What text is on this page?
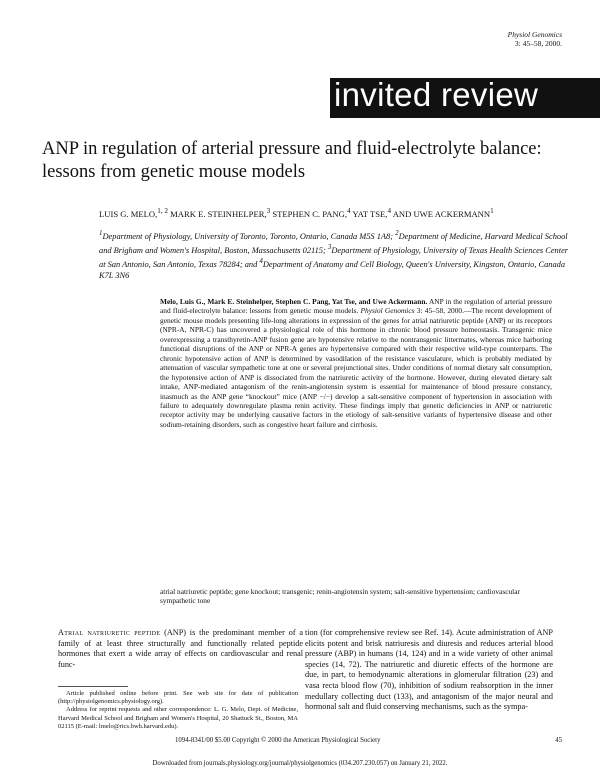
Physiol Genomics
3: 45–58, 2000.
invited review
ANP in regulation of arterial pressure and fluid-electrolyte balance: lessons from genetic mouse models
LUIS G. MELO,$^{1, 2}$ MARK E. STEINHELPER,$^3$ STEPHEN C. PANG,$^4$ YAT TSE,$^4$ AND UWE ACKERMANN$^1$
$^1$Department of Physiology, University of Toronto, Toronto, Ontario, Canada M5S 1A8; $^2$Department of Medicine, Harvard Medical School and Brigham and Women's Hospital, Boston, Massachusetts 02115; $^3$Department of Physiology, University of Texas Health Sciences Center at San Antonio, San Antonio, Texas 78284; and $^4$Department of Anatomy and Cell Biology, Queen's University, Kingston, Ontario, Canada K7L 3N6
Melo, Luis G., Mark E. Steinhelper, Stephen C. Pang, Yat Tse, and Uwe Ackermann. ANP in the regulation of arterial pressure and fluid-electrolyte balance: lessons from genetic mouse models. Physiol Genomics 3: 45–58, 2000.—The recent development of genetic mouse models presenting life-long alterations in expression of the genes for atrial natriuretic peptide (ANP) or its receptors (NPR-A, NPR-C) has uncovered a physiological role of this hormone in chronic blood pressure homeostasis. Transgenic mice overexpressing a transthyretin-ANP fusion gene are hypotensive relative to the nontransgenic littermates, whereas mice harboring functional disruptions of the ANP or NPR-A genes are hypertensive compared with their respective wild-type counterparts. The chronic hypotensive action of ANP is determined by vasodilation of the resistance vasculature, which is probably mediated by attenuation of vascular sympathetic tone at one or several prejunctional sites. Under conditions of normal dietary salt consumption, the hypotensive action of ANP is dissociated from the natriuretic activity of the hormone. However, during elevated dietary salt intake, ANP-mediated antagonism of the renin-angiotensin system is essential for maintenance of blood pressure constancy, inasmuch as the ANP gene “knockout” mice (ANP −/−) develop a salt-sensitive component of hypertension in association with failure to adequately downregulate plasma renin activity. These findings imply that genetic deficiencies in ANP or natriuretic receptor activity may be underlying causative factors in the etiology of salt-sensitive variants of hypertensive disease and other sodium-retaining disorders, such as congestive heart failure and cirrhosis.
atrial natriuretic peptide; gene knockout; transgenic; renin-angiotensin system; salt-sensitive hypertension; cardiovascular sympathetic tone
Atrial natriuretic peptide (ANP) is the predominant member of a family of at least three structurally and functionally related peptide hormones that exert a wide array of effects on cardiovascular and renal func-
tion (for comprehensive review see Ref. 14). Acute administration of ANP elicits potent and brisk natriuresis and diuresis and reduces arterial blood pressure (ABP) in humans (14, 124) and in a wide variety of other animal species (14, 72). The natriuretic and diuretic effects of the hormone are due, in part, to hemodynamic alterations in glomerular filtration (23) and vasa recta blood flow (70), inhibition of sodium reabsorption in the inner medullary collecting duct (133), and antagonism of the major neural and hormonal salt and fluid conserving mechanisms, such as the sympa-

Article published online before print. See web site for date of publication (http://physiolgenomics.physiology.org).

Address for reprint requests and other correspondence: L. G. Melo, Dept. of Medicine, Harvard Medical School and Brigham and Women's Hospital, 20 Shattuck St., Boston, MA 02115 (E-mail: lmelo@rics.bwh.harvard.edu).

1094-8341/00 $5.00 Copyright © 2000 the American Physiological Society	45
Downloaded from journals.physiology.org/journal/physiolgenomics (034.207.230.057) on January 21, 2022.
